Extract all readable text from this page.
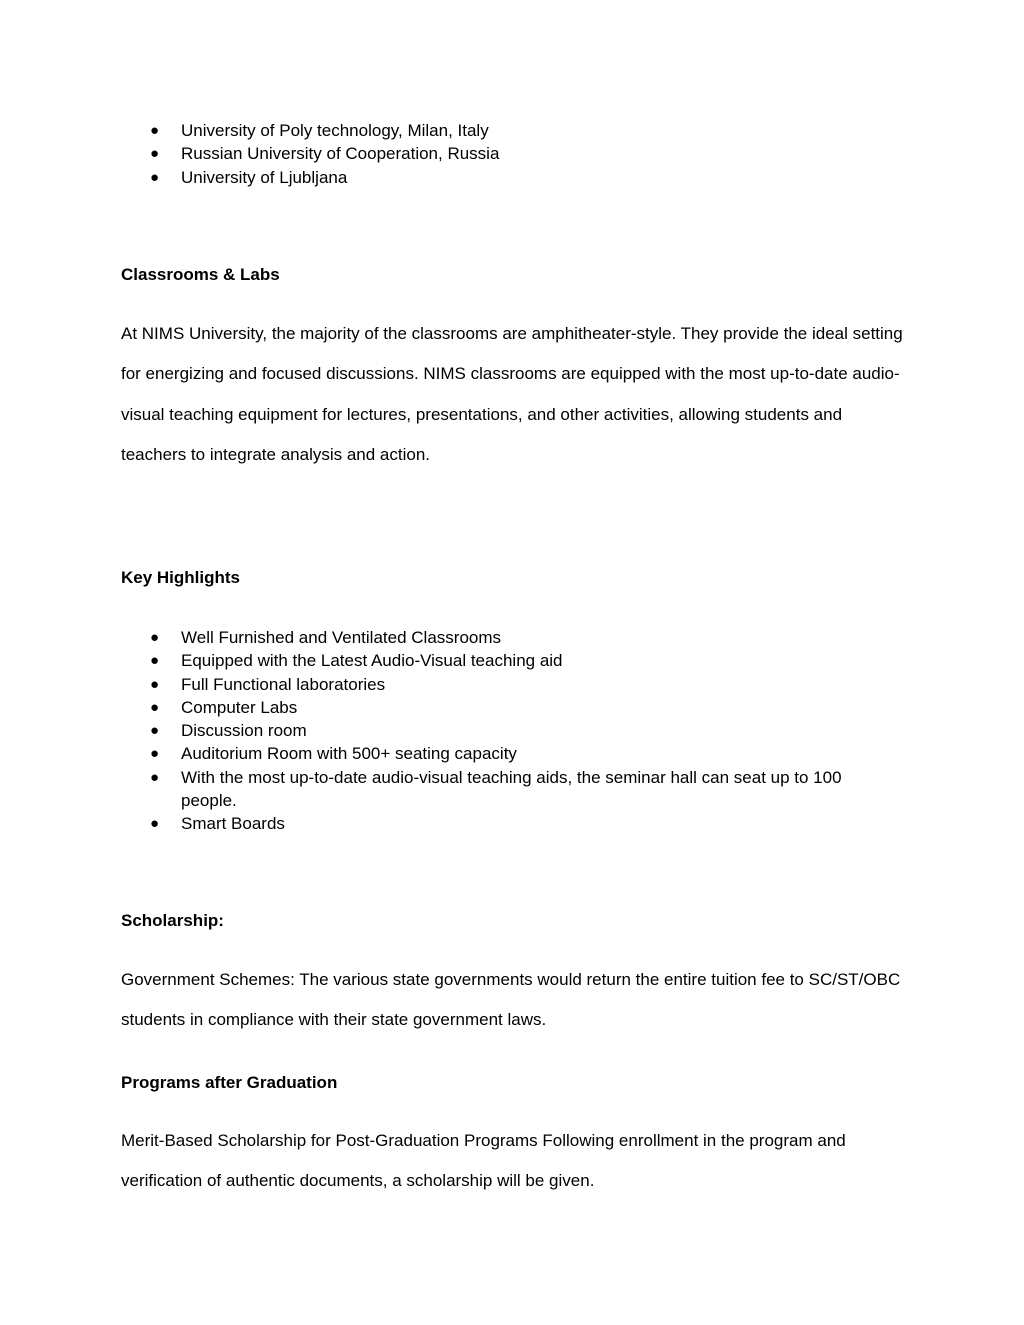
● University of Poly technology, Milan, Italy
● Russian University of Cooperation, Russia
● University of Ljubljana
Classrooms & Labs

At NIMS University, the majority of the classrooms are amphitheater-style. They provide the ideal setting for energizing and focused discussions. NIMS classrooms are equipped with the most up-to-date audio-visual teaching equipment for lectures, presentations, and other activities, allowing students and teachers to integrate analysis and action.

Key Highlights
● Well Furnished and Ventilated Classrooms
● Equipped with the Latest Audio-Visual teaching aid
● Full Functional laboratories
● Computer Labs
● Discussion room
● Auditorium Room with 500+ seating capacity
● With the most up-to-date audio-visual teaching aids, the seminar hall can seat up to 100 people.
● Smart Boards
Scholarship:

Government Schemes: The various state governments would return the entire tuition fee to SC/ST/OBC students in compliance with their state government laws.

Programs after Graduation

Merit-Based Scholarship for Post-Graduation Programs Following enrollment in the program and verification of authentic documents, a scholarship will be given.
